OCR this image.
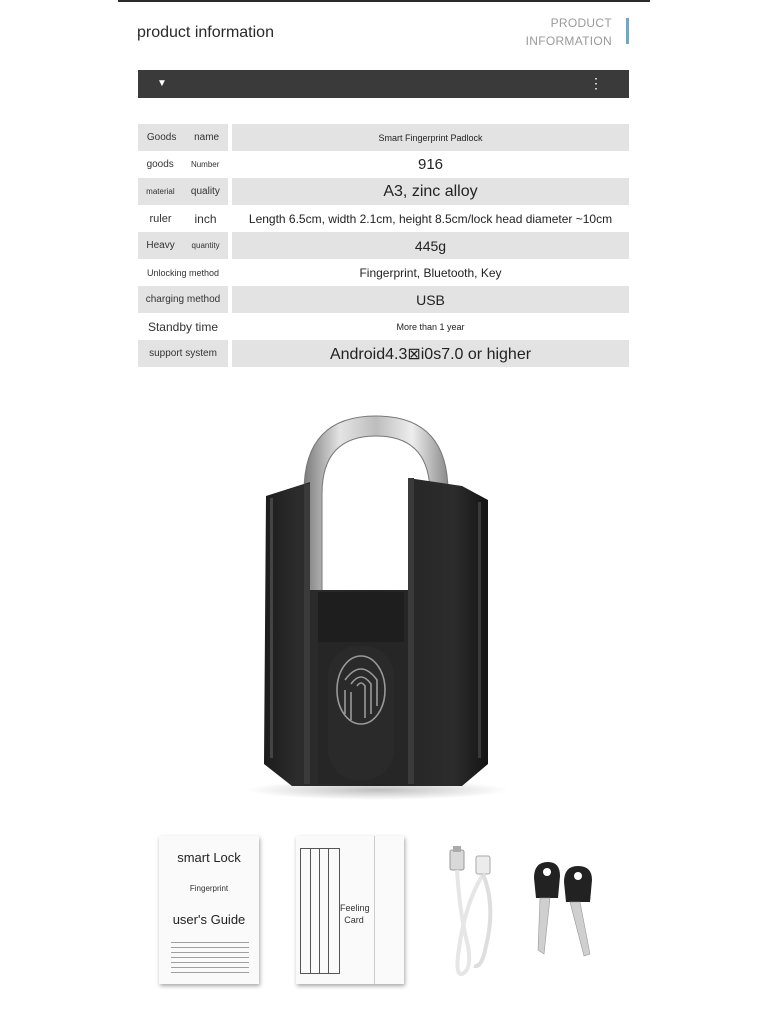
product information
PRODUCT
INFORMATION
▼	⋮
Goods name	Smart Fingerprint Padlock
goods Number	916
material quality	A3, zinc alloy
ruler inch	Length 6.5cm, width 2.1cm, height 8.5cm/lock head diameter ~10cm
Heavy quantity	445g
Unlocking method	Fingerprint, Bluetooth, Key
charging method	USB
Standby time	More than 1 year
support system	Android4.3⊠i0s7.0 or higher
smart Lock
Fingerprint
user's Guide
Feeling
Card
